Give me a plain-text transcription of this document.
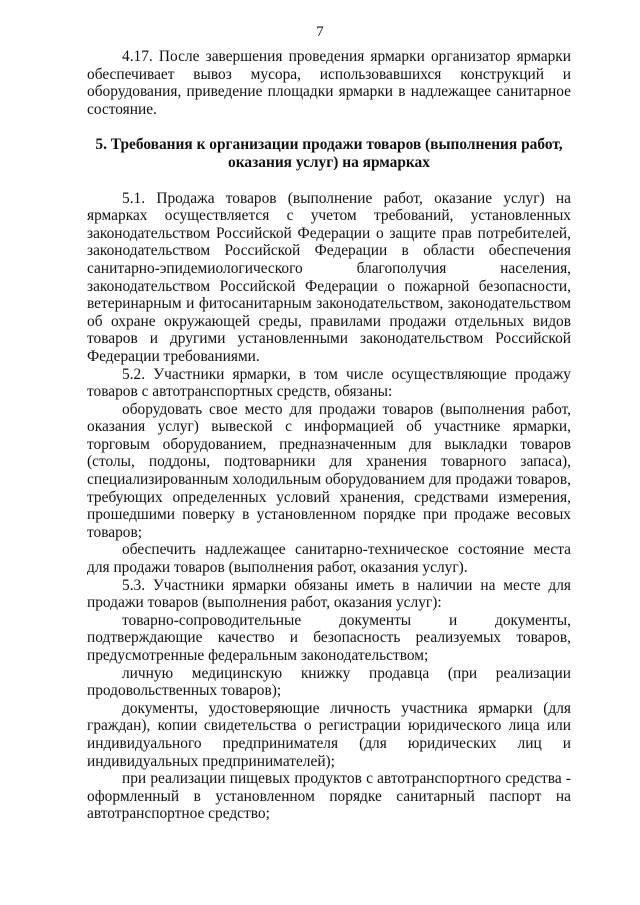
7

4.17. После завершения проведения ярмарки организатор ярмарки обеспечивает вывоз мусора, использовавшихся конструкций и оборудования, приведение площадки ярмарки в надлежащее санитарное состояние.

5. Требования к организации продажи товаров (выполнения работ, оказания услуг) на ярмарках

5.1. Продажа товаров (выполнение работ, оказание услуг) на ярмарках осуществляется с учетом требований, установленных законодательством Российской Федерации о защите прав потребителей, законодательством Российской Федерации в области обеспечения санитарно-эпидемиологического благополучия населения, законодательством Российской Федерации о пожарной безопасности, ветеринарным и фитосанитарным законодательством, законодательством об охране окружающей среды, правилами продажи отдельных видов товаров и другими установленными законодательством Российской Федерации требованиями.

5.2. Участники ярмарки, в том числе осуществляющие продажу товаров с автотранспортных средств, обязаны:

оборудовать свое место для продажи товаров (выполнения работ, оказания услуг) вывеской с информацией об участнике ярмарки, торговым оборудованием, предназначенным для выкладки товаров (столы, поддоны, подтоварники для хранения товарного запаса), специализированным холодильным оборудованием для продажи товаров, требующих определенных условий хранения, средствами измерения, прошедшими поверку в установленном порядке при продаже весовых товаров;

обеспечить надлежащее санитарно-техническое состояние места для продажи товаров (выполнения работ, оказания услуг).

5.3. Участники ярмарки обязаны иметь в наличии на месте для продажи товаров (выполнения работ, оказания услуг):

товарно-сопроводительные документы и документы, подтверждающие качество и безопасность реализуемых товаров, предусмотренные федеральным законодательством;

личную медицинскую книжку продавца (при реализации продовольственных товаров);

документы, удостоверяющие личность участника ярмарки (для граждан), копии свидетельства о регистрации юридического лица или индивидуального предпринимателя (для юридических лиц и индивидуальных предпринимателей);

при реализации пищевых продуктов с автотранспортного средства - оформленный в установленном порядке санитарный паспорт на автотранспортное средство;
